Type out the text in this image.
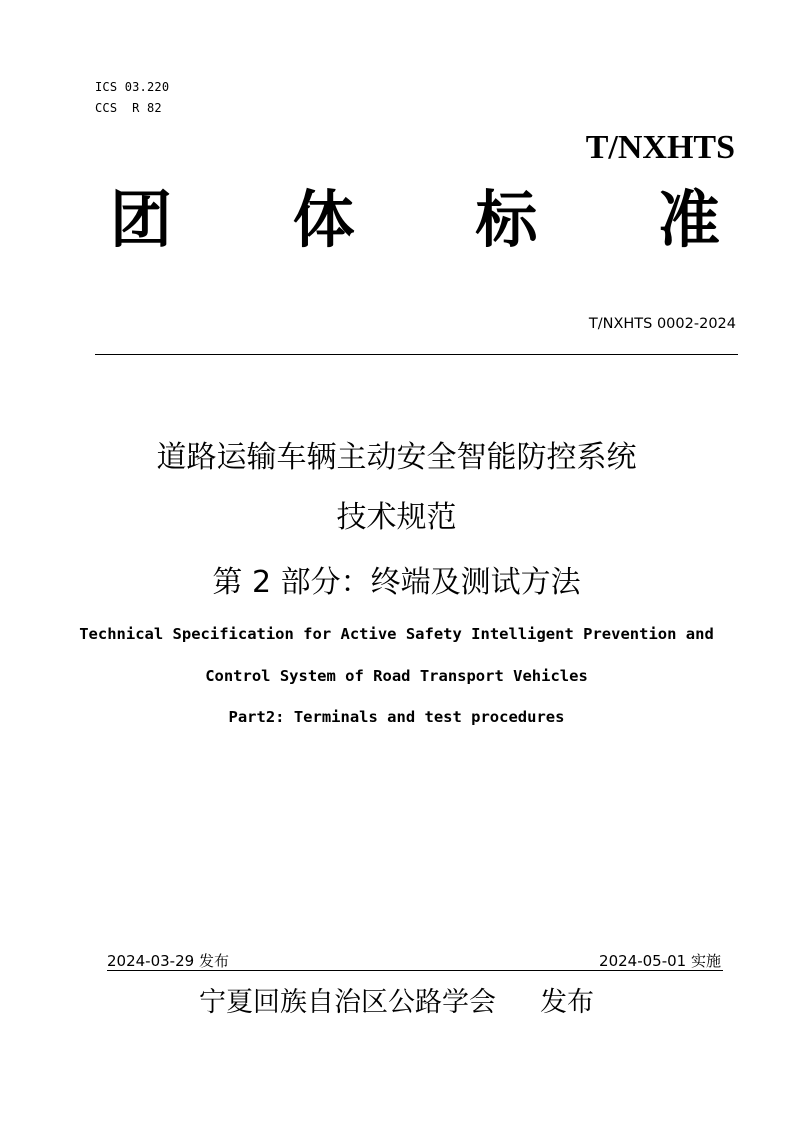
ICS 03.220
CCS  R 82
T/NXHTS
团 体 标 准
T/NXHTS 0002-2024
道路运输车辆主动安全智能防控系统
技术规范
第 2 部分：终端及测试方法
Technical Specification for Active Safety Intelligent Prevention and
Control System of Road Transport Vehicles
Part2: Terminals and test procedures
2024-03-29 发布	2024-05-01 实施
宁夏回族自治区公路学会 发布
